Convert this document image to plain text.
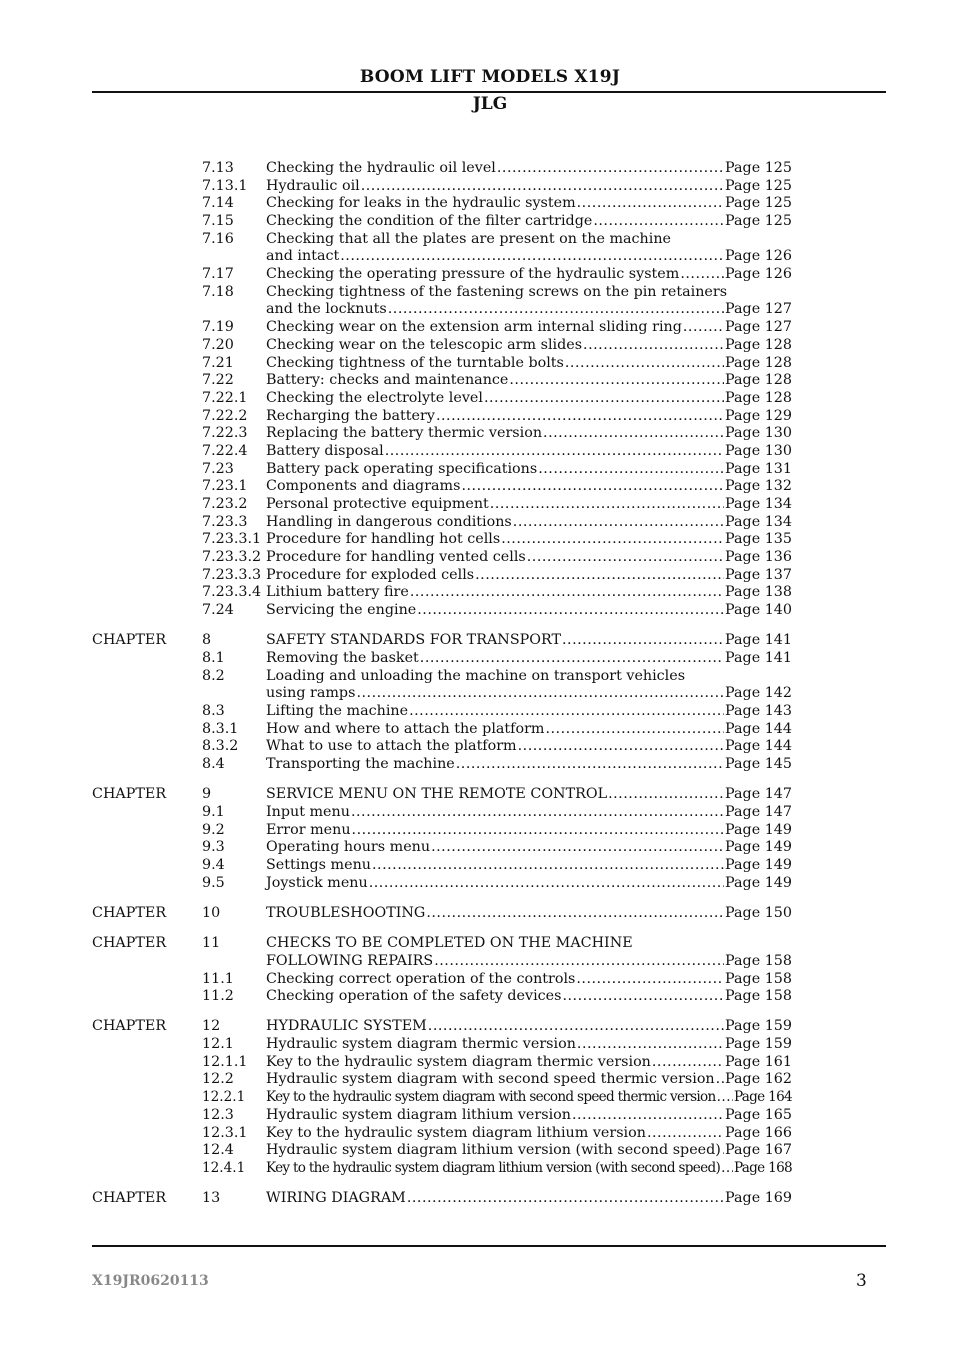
BOOM LIFT MODELS X19J
JLG
7.13	Checking the hydraulic oil level .....	Page 125
7.13.1	Hydraulic oil .....	Page 125
7.14	Checking for leaks in the hydraulic system .....	Page 125
7.15	Checking the condition of the filter cartridge .....	Page 125
7.16	Checking that all the plates are present on the machine
and intact .....	Page 126
7.17	Checking the operating pressure of the hydraulic system .....	Page 126
7.18	Checking tightness of the fastening screws on the pin retainers
and the locknuts .....	Page 127
7.19	Checking wear on the extension arm internal sliding ring .....	Page 127
7.20	Checking wear on the telescopic arm slides .....	Page 128
7.21	Checking tightness of the turntable bolts .....	Page 128
7.22	Battery: checks and maintenance .....	Page 128
7.22.1	Checking the electrolyte level .....	Page 128
7.22.2	Recharging the battery .....	Page 129
7.22.3	Replacing the battery thermic version .....	Page 130
7.22.4	Battery disposal .....	Page 130
7.23	Battery pack operating specifications .....	Page 131
7.23.1	Components and diagrams .....	Page 132
7.23.2	Personal protective equipment .....	Page 134
7.23.3	Handling in dangerous conditions .....	Page 134
7.23.3.1 Procedure for handling hot cells .....	Page 135
7.23.3.2 Procedure for handling vented cells .....	Page 136
7.23.3.3 Procedure for exploded cells .....	Page 137
7.23.3.4 Lithium battery fire .....	Page 138
7.24	Servicing the engine .....	Page 140
CHAPTER	8	SAFETY STANDARDS FOR TRANSPORT .....	Page 141
8.1	Removing the basket .....	Page 141
8.2	Loading and unloading the machine on transport vehicles
using ramps .....	Page 142
8.3	Lifting the machine .....	Page 143
8.3.1	How and where to attach the platform .....	Page 144
8.3.2	What to use to attach the platform .....	Page 144
8.4	Transporting the machine .....	Page 145
CHAPTER	9	SERVICE MENU ON THE REMOTE CONTROL .....	Page 147
9.1	Input menu .....	Page 147
9.2	Error menu .....	Page 149
9.3	Operating hours menu .....	Page 149
9.4	Settings menu .....	Page 149
9.5	Joystick menu .....	Page 149
CHAPTER	10	TROUBLESHOOTING .....	Page 150
CHAPTER	11	CHECKS TO BE COMPLETED ON THE MACHINE
FOLLOWING REPAIRS .....	Page 158
11.1	Checking correct operation of the controls .....	Page 158
11.2	Checking operation of the safety devices .....	Page 158
CHAPTER	12	HYDRAULIC SYSTEM .....	Page 159
12.1	Hydraulic system diagram thermic version .....	Page 159
12.1.1	Key to the hydraulic system diagram thermic version .....	Page 161
12.2	Hydraulic system diagram with second speed thermic version ..... Page 162
12.2.1	Key to the hydraulic system diagram with second speed thermic version ..... Page 164
12.3	Hydraulic system diagram lithium version .....	Page 165
12.3.1	Key to the hydraulic system diagram lithium version .....	Page 166
12.4	Hydraulic system diagram lithium version (with second speed) ..... Page 167
12.4.1	Key to the hydraulic system diagram lithium version (with second speed) ..... Page 168
CHAPTER	13	WIRING DIAGRAM .....	Page 169
X19JR0620113	3
